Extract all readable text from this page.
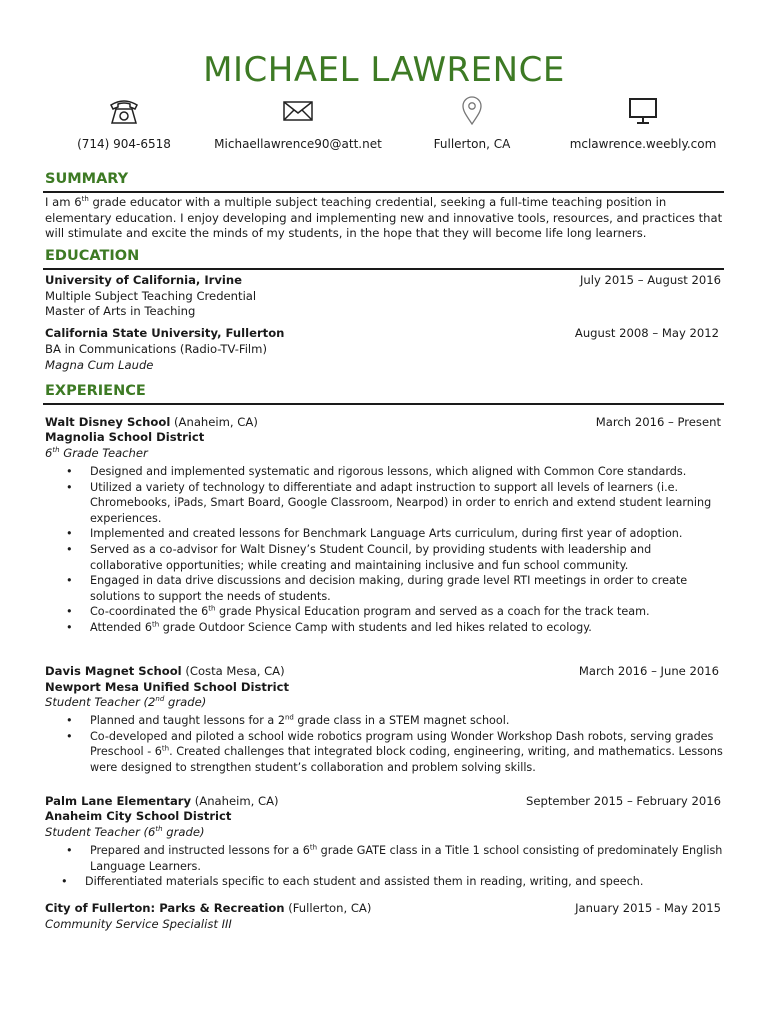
MICHAEL LAWRENCE
(714) 904-6518	Michaellawrence90@att.net	Fullerton, CA	mclawrence.weebly.com
SUMMARY
I am 6th grade educator with a multiple subject teaching credential, seeking a full-time teaching position in elementary education. I enjoy developing and implementing new and innovative tools, resources, and practices that will stimulate and excite the minds of my students, in the hope that they will become life long learners.
EDUCATION
University of California, Irvine	July 2015 – August 2016
Multiple Subject Teaching Credential
Master of Arts in Teaching
California State University, Fullerton	August 2008 – May 2012
BA in Communications (Radio-TV-Film)
Magna Cum Laude
EXPERIENCE
Walt Disney School (Anaheim, CA)	March 2016 – Present
Magnolia School District
6th Grade Teacher
• Designed and implemented systematic and rigorous lessons, which aligned with Common Core standards.
• Utilized a variety of technology to differentiate and adapt instruction to support all levels of learners (i.e. Chromebooks, iPads, Smart Board, Google Classroom, Nearpod) in order to enrich and extend student learning experiences.
• Implemented and created lessons for Benchmark Language Arts curriculum, during first year of adoption.
• Served as a co-advisor for Walt Disney’s Student Council, by providing students with leadership and collaborative opportunities; while creating and maintaining inclusive and fun school community.
• Engaged in data drive discussions and decision making, during grade level RTI meetings in order to create solutions to support the needs of students.
• Co-coordinated the 6th grade Physical Education program and served as a coach for the track team.
• Attended 6th grade Outdoor Science Camp with students and led hikes related to ecology.
Davis Magnet School (Costa Mesa, CA)	March 2016 – June 2016
Newport Mesa Unified School District
Student Teacher (2nd grade)
• Planned and taught lessons for a 2nd grade class in a STEM magnet school.
• Co-developed and piloted a school wide robotics program using Wonder Workshop Dash robots, serving grades Preschool - 6th. Created challenges that integrated block coding, engineering, writing, and mathematics. Lessons were designed to strengthen student’s collaboration and problem solving skills.
Palm Lane Elementary (Anaheim, CA)	September 2015 – February 2016
Anaheim City School District
Student Teacher (6th grade)
• Prepared and instructed lessons for a 6th grade GATE class in a Title 1 school consisting of predominately English Language Learners.
• Differentiated materials specific to each student and assisted them in reading, writing, and speech.
City of Fullerton: Parks & Recreation (Fullerton, CA)	January 2015 - May 2015
Community Service Specialist III
